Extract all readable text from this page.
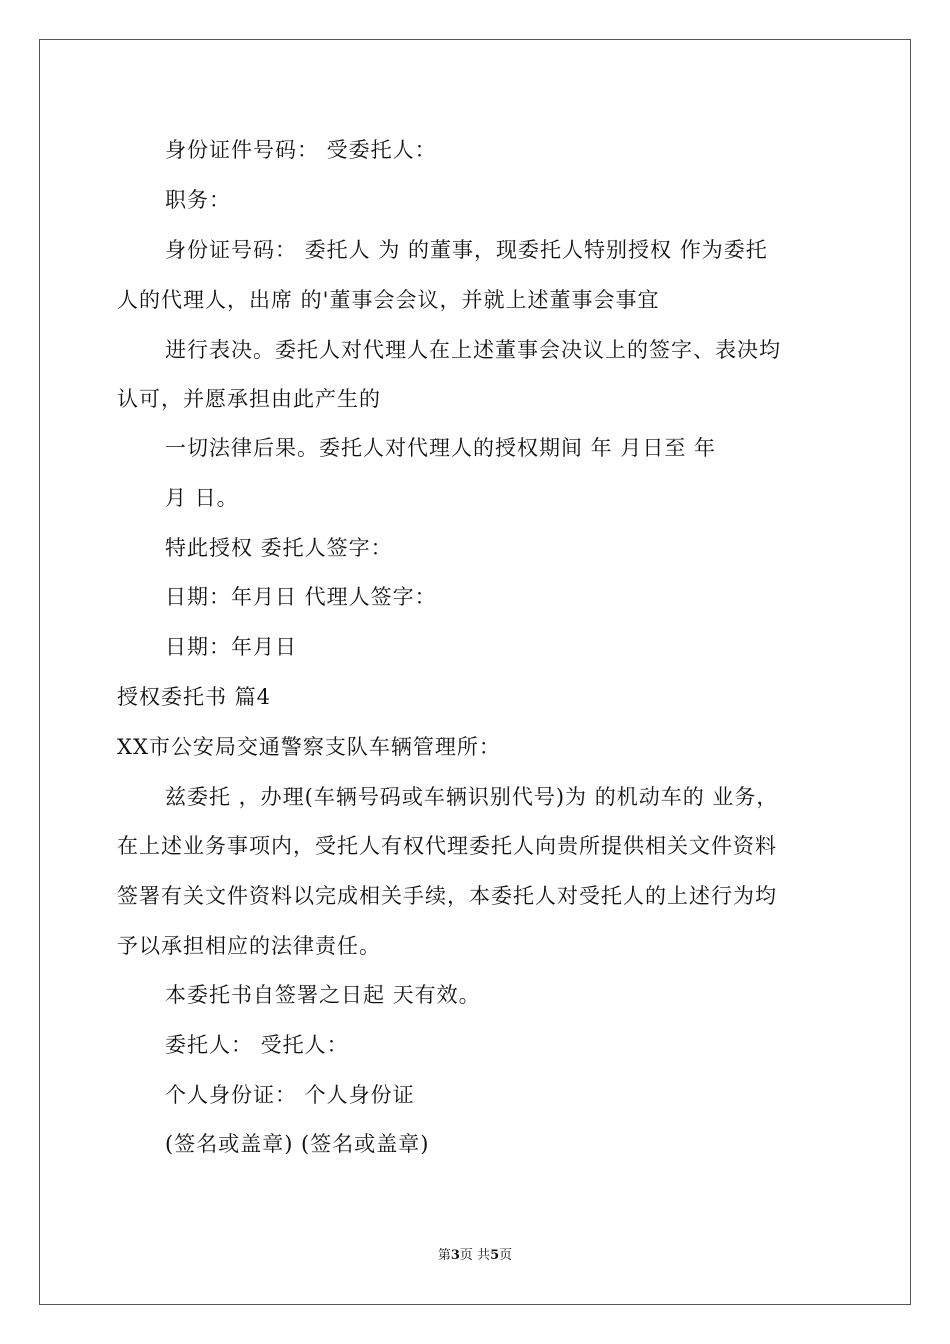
身份证件号码： 受委托人：
职务：
身份证号码： 委托人 为 的董事，现委托人特别授权 作为委托
人的代理人，出席 的'董事会会议，并就上述董事会事宜
进行表决。委托人对代理人在上述董事会决议上的签字、表决均
认可，并愿承担由此产生的
一切法律后果。委托人对代理人的授权期间 年 月日至 年
月 日。
特此授权 委托人签字：
日期：年月日 代理人签字：
日期：年月日
授权委托书 篇4
XX市公安局交通警察支队车辆管理所：
兹委托 ，办理(车辆号码或车辆识别代号)为 的机动车的 业务，
在上述业务事项内，受托人有权代理委托人向贵所提供相关文件资料
签署有关文件资料以完成相关手续，本委托人对受托人的上述行为均
予以承担相应的法律责任。
本委托书自签署之日起 天有效。
委托人： 受托人：
个人身份证： 个人身份证
(签名或盖章) (签名或盖章)
第3页 共5页
